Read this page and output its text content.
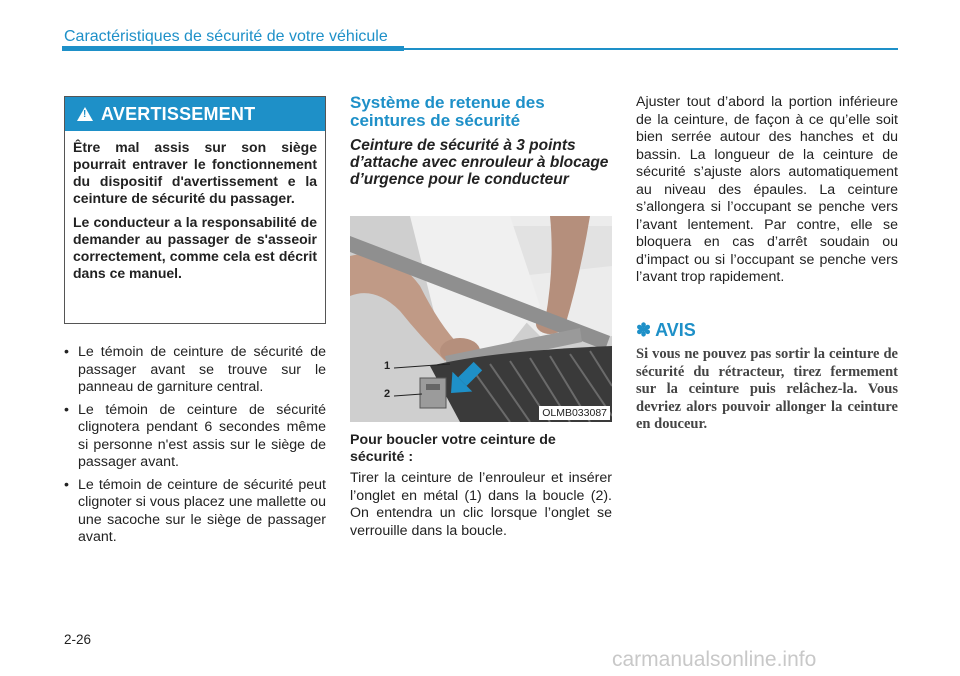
Caractéristiques de sécurité de votre véhicule
!
AVERTISSEMENT

Être mal assis sur son siège pourrait entraver le fonctionnement du dispositif d'avertissement e la ceinture de sécurité du passager.

Le conducteur a la responsabilité de demander au passager de s'asseoir correctement, comme cela est décrit dans ce manuel.

• Le témoin de ceinture de sécurité de passager avant se trouve sur le panneau de garniture central.
• Le témoin de ceinture de sécurité clignotera pendant 6 secondes même si personne n'est assis sur le siège de passager avant.
• Le témoin de ceinture de sécurité peut clignoter si vous placez une mallette ou une sacoche sur le siège de passager avant.
Système de retenue des ceintures de sécurité
Ceinture de sécurité à 3 points d’attache avec enrouleur à blocage d’urgence pour le conducteur
1
2
OLMB033087
Pour boucler votre ceinture de sécurité :

Tirer la ceinture de l’enrouleur et insérer l’onglet en métal (1) dans la boucle (2). On entendra un clic lorsque l’onglet se verrouille dans la boucle.

Ajuster tout d’abord la portion inférieure de la ceinture, de façon à ce qu’elle soit bien serrée autour des hanches et du bassin. La longueur de la ceinture de sécurité s’ajuste alors automatiquement au niveau des épaules. La ceinture s’allongera si l’occupant se penche vers l’avant lentement. Par contre, elle se bloquera en cas d’arrêt soudain ou d’impact ou si l’occupant se penche vers l’avant trop rapidement.

✽ AVIS

Si vous ne pouvez pas sortir la ceinture de sécurité du rétracteur, tirez fermement sur la ceinture puis relâchez-la. Vous devriez alors pouvoir allonger la ceinture en douceur.

2-26
carmanualsonline.info
